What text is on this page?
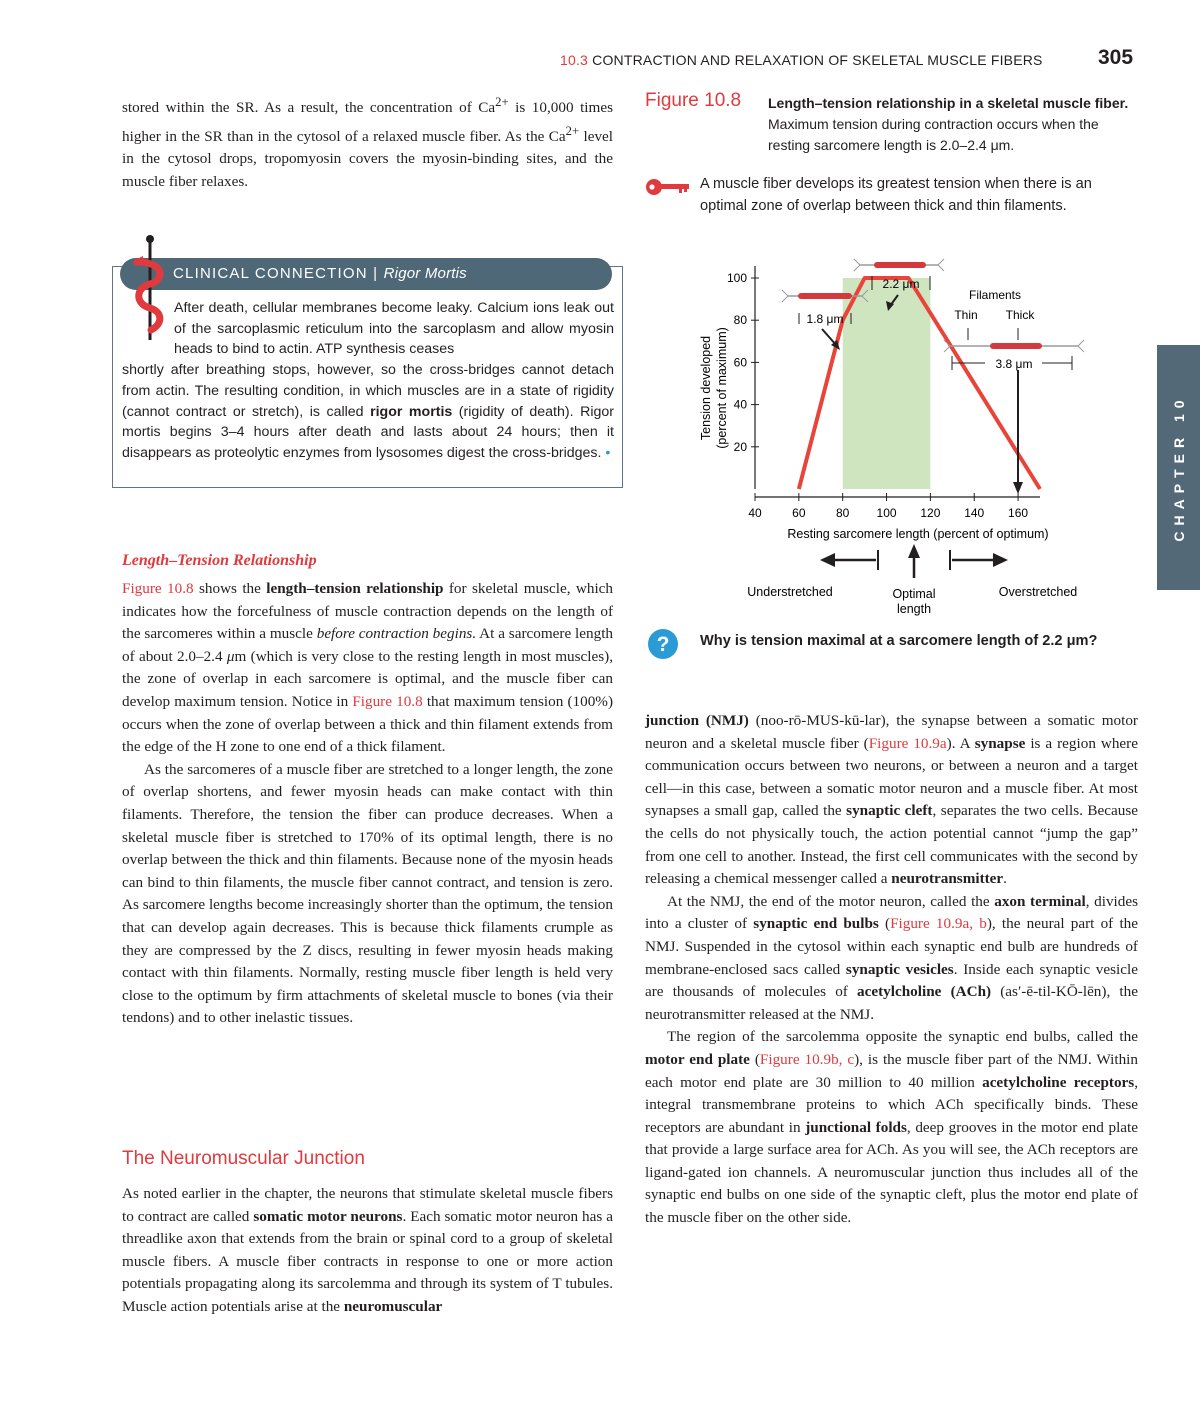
10.3 CONTRACTION AND RELAXATION OF SKELETAL MUSCLE FIBERS	305
CHAPTER 10
stored within the SR. As a result, the concentration of $Ca^{2+}$ is 10,000 times higher in the SR than in the cytosol of a relaxed muscle fiber. As the $Ca^{2+}$ level in the cytosol drops, tropomyosin covers the myosin-binding sites, and the muscle fiber relaxes.
CLINICAL CONNECTION | Rigor Mortis
After death, cellular membranes become leaky. Calcium ions leak out of the sarcoplasmic reticulum into the sarcoplasm and allow myosin heads to bind to actin. ATP synthesis ceases
shortly after breathing stops, however, so the cross-bridges cannot detach from actin. The resulting condition, in which muscles are in a state of rigidity (cannot contract or stretch), is called rigor mortis (rigidity of death). Rigor mortis begins 3–4 hours after death and lasts about 24 hours; then it disappears as proteolytic enzymes from lysosomes digest the cross-bridges. •
Length–Tension Relationship

Figure 10.8 shows the length–tension relationship for skeletal muscle, which indicates how the forcefulness of muscle contraction depends on the length of the sarcomeres within a muscle before contraction begins. At a sarcomere length of about 2.0–2.4 μm (which is very close to the resting length in most muscles), the zone of overlap in each sarcomere is optimal, and the muscle fiber can develop maximum tension. Notice in Figure 10.8 that maximum tension (100%) occurs when the zone of overlap between a thick and thin filament extends from the edge of the H zone to one end of a thick filament.

As the sarcomeres of a muscle fiber are stretched to a longer length, the zone of overlap shortens, and fewer myosin heads can make contact with thin filaments. Therefore, the tension the fiber can produce decreases. When a skeletal muscle fiber is stretched to 170% of its optimal length, there is no overlap between the thick and thin filaments. Because none of the myosin heads can bind to thin filaments, the muscle fiber cannot contract, and tension is zero. As sarcomere lengths become increasingly shorter than the optimum, the tension that can develop again decreases. This is because thick filaments crumple as they are compressed by the Z discs, resulting in fewer myosin heads making contact with thin filaments. Normally, resting muscle fiber length is held very close to the optimum by firm attachments of skeletal muscle to bones (via their tendons) and to other inelastic tissues.

The Neuromuscular Junction
As noted earlier in the chapter, the neurons that stimulate skeletal muscle fibers to contract are called somatic motor neurons. Each somatic motor neuron has a threadlike axon that extends from the brain or spinal cord to a group of skeletal muscle fibers. A muscle fiber contracts in response to one or more action potentials propagating along its sarcolemma and through its system of T tubules. Muscle action potentials arise at the neuromuscular
Figure 10.8 Length–tension relationship in a skeletal muscle fiber. Maximum tension during contraction occurs when the resting sarcomere length is 2.0–2.4 μm.
A muscle fiber develops its greatest tension when there is an optimal zone of overlap between thick and thin filaments.
20
40
60
80
100
40	60	80 100 120 140 160
Tension developed (percent of maximum)
Resting sarcomere length (percent of optimum)
1.8 μm
2.2 μm
3.8 μm
Filaments
Thin Thick
Understretched	Optimal
length
Overstretched
? Why is tension maximal at a sarcomere length of 2.2 μm?

junction (NMJ) (noo-rō-MUS-kū-lar), the synapse between a somatic motor neuron and a skeletal muscle fiber (Figure 10.9a). A synapse is a region where communication occurs between two neurons, or between a neuron and a target cell—in this case, between a somatic motor neuron and a muscle fiber. At most synapses a small gap, called the synaptic cleft, separates the two cells. Because the cells do not physically touch, the action potential cannot “jump the gap” from one cell to another. Instead, the first cell communicates with the second by releasing a chemical messenger called a neurotransmitter.

At the NMJ, the end of the motor neuron, called the axon terminal, divides into a cluster of synaptic end bulbs (Figure 10.9a, b), the neural part of the NMJ. Suspended in the cytosol within each synaptic end bulb are hundreds of membrane-enclosed sacs called synaptic vesicles. Inside each synaptic vesicle are thousands of molecules of acetylcholine (ACh) (as′-ē-til-KŌ-lēn), the neurotransmitter released at the NMJ.

The region of the sarcolemma opposite the synaptic end bulbs, called the motor end plate (Figure 10.9b, c), is the muscle fiber part of the NMJ. Within each motor end plate are 30 million to 40 million acetylcholine receptors, integral transmembrane proteins to which ACh specifically binds. These receptors are abundant in junctional folds, deep grooves in the motor end plate that provide a large surface area for ACh. As you will see, the ACh receptors are ligand-gated ion channels. A neuromuscular junction thus includes all of the synaptic end bulbs on one side of the synaptic cleft, plus the motor end plate of the muscle fiber on the other side.
